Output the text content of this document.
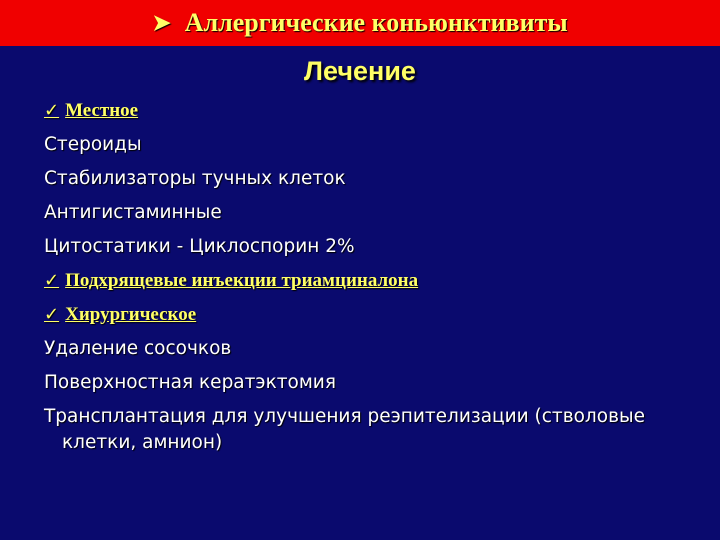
➤ Аллергические коньюнктивиты
Лечение
✓ Местное
Стероиды
Стабилизаторы тучных клеток
Антигистаминные
Цитостатики - Циклоспорин 2%
✓ Подхрящевые инъекции триамциналона
✓ Хирургическое
Удаление сосочков
Поверхностная кератэктомия
Трансплантация для улучшения реэпителизации (стволовые
клетки, амнион)
